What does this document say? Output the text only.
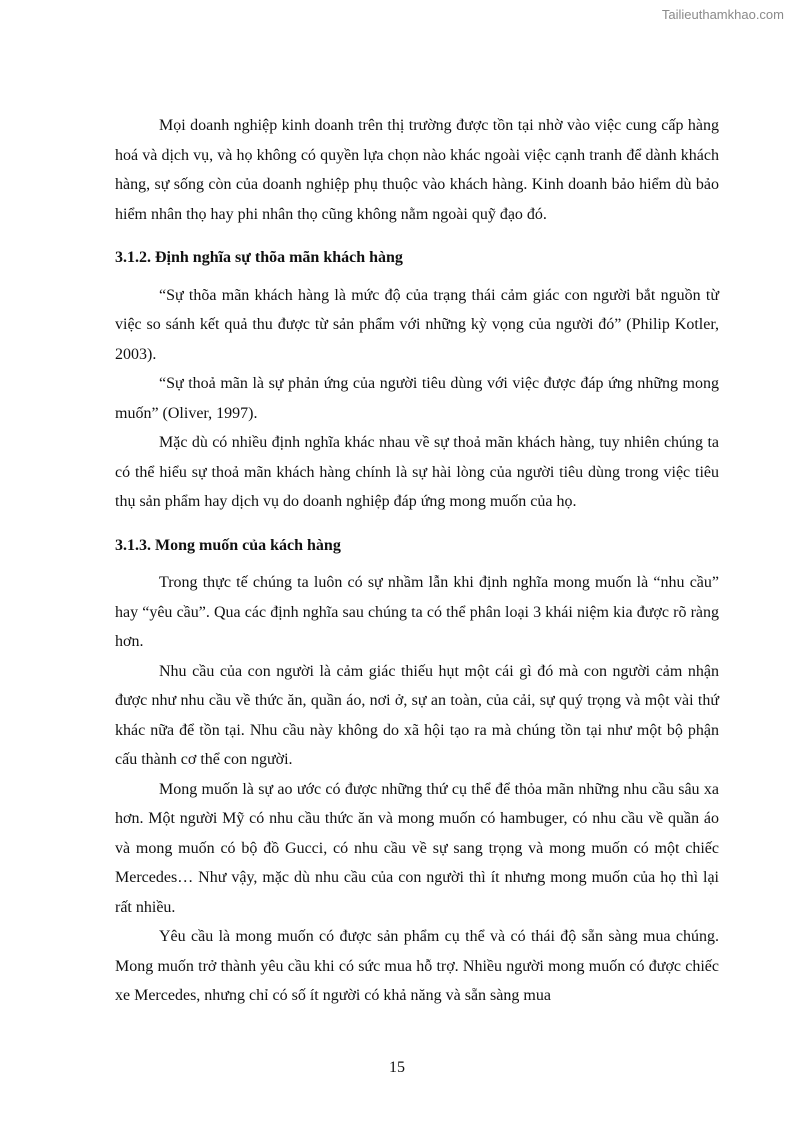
Tailieuthamkhao.com

Mọi doanh nghiệp kinh doanh trên thị trường được tồn tại nhờ vào việc cung cấp hàng hoá và dịch vụ, và họ không có quyền lựa chọn nào khác ngoài việc cạnh tranh để dành khách hàng, sự sống còn của doanh nghiệp phụ thuộc vào khách hàng. Kinh doanh bảo hiểm dù bảo hiểm nhân thọ hay phi nhân thọ cũng không nằm ngoài quỹ đạo đó.

3.1.2. Định nghĩa sự thõa mãn khách hàng

“Sự thõa mãn khách hàng là mức độ của trạng thái cảm giác con người bắt nguồn từ việc so sánh kết quả thu được từ sản phẩm với những kỳ vọng của người đó” (Philip Kotler, 2003).

“Sự thoả mãn là sự phản ứng của người tiêu dùng với việc được đáp ứng những mong muốn” (Oliver, 1997).

Mặc dù có nhiều định nghĩa khác nhau về sự thoả mãn khách hàng, tuy nhiên chúng ta có thể hiểu sự thoả mãn khách hàng chính là sự hài lòng của người tiêu dùng trong việc tiêu thụ sản phẩm hay dịch vụ do doanh nghiệp đáp ứng mong muốn của họ.

3.1.3. Mong muốn của kách hàng

Trong thực tế chúng ta luôn có sự nhầm lẫn khi định nghĩa mong muốn là “nhu cầu” hay “yêu cầu”. Qua các định nghĩa sau chúng ta có thể phân loại 3 khái niệm kia được rõ ràng hơn.

Nhu cầu của con người là cảm giác thiếu hụt một cái gì đó mà con người cảm nhận được như nhu cầu về thức ăn, quần áo, nơi ở, sự an toàn, của cải, sự quý trọng và một vài thứ khác nữa để tồn tại. Nhu cầu này không do xã hội tạo ra mà chúng tồn tại như một bộ phận cấu thành cơ thể con người.

Mong muốn là sự ao ước có được những thứ cụ thể để thỏa mãn những nhu cầu sâu xa hơn. Một người Mỹ có nhu cầu thức ăn và mong muốn có hambuger, có nhu cầu về quần áo và mong muốn có bộ đồ Gucci, có nhu cầu về sự sang trọng và mong muốn có một chiếc Mercedes… Như vậy, mặc dù nhu cầu của con người thì ít nhưng mong muốn của họ thì lại rất nhiều.

Yêu cầu là mong muốn có được sản phẩm cụ thể và có thái độ sẵn sàng mua chúng. Mong muốn trở thành yêu cầu khi có sức mua hỗ trợ. Nhiều người mong muốn có được chiếc xe Mercedes, nhưng chỉ có số ít người có khả năng và sẵn sàng mua

15
